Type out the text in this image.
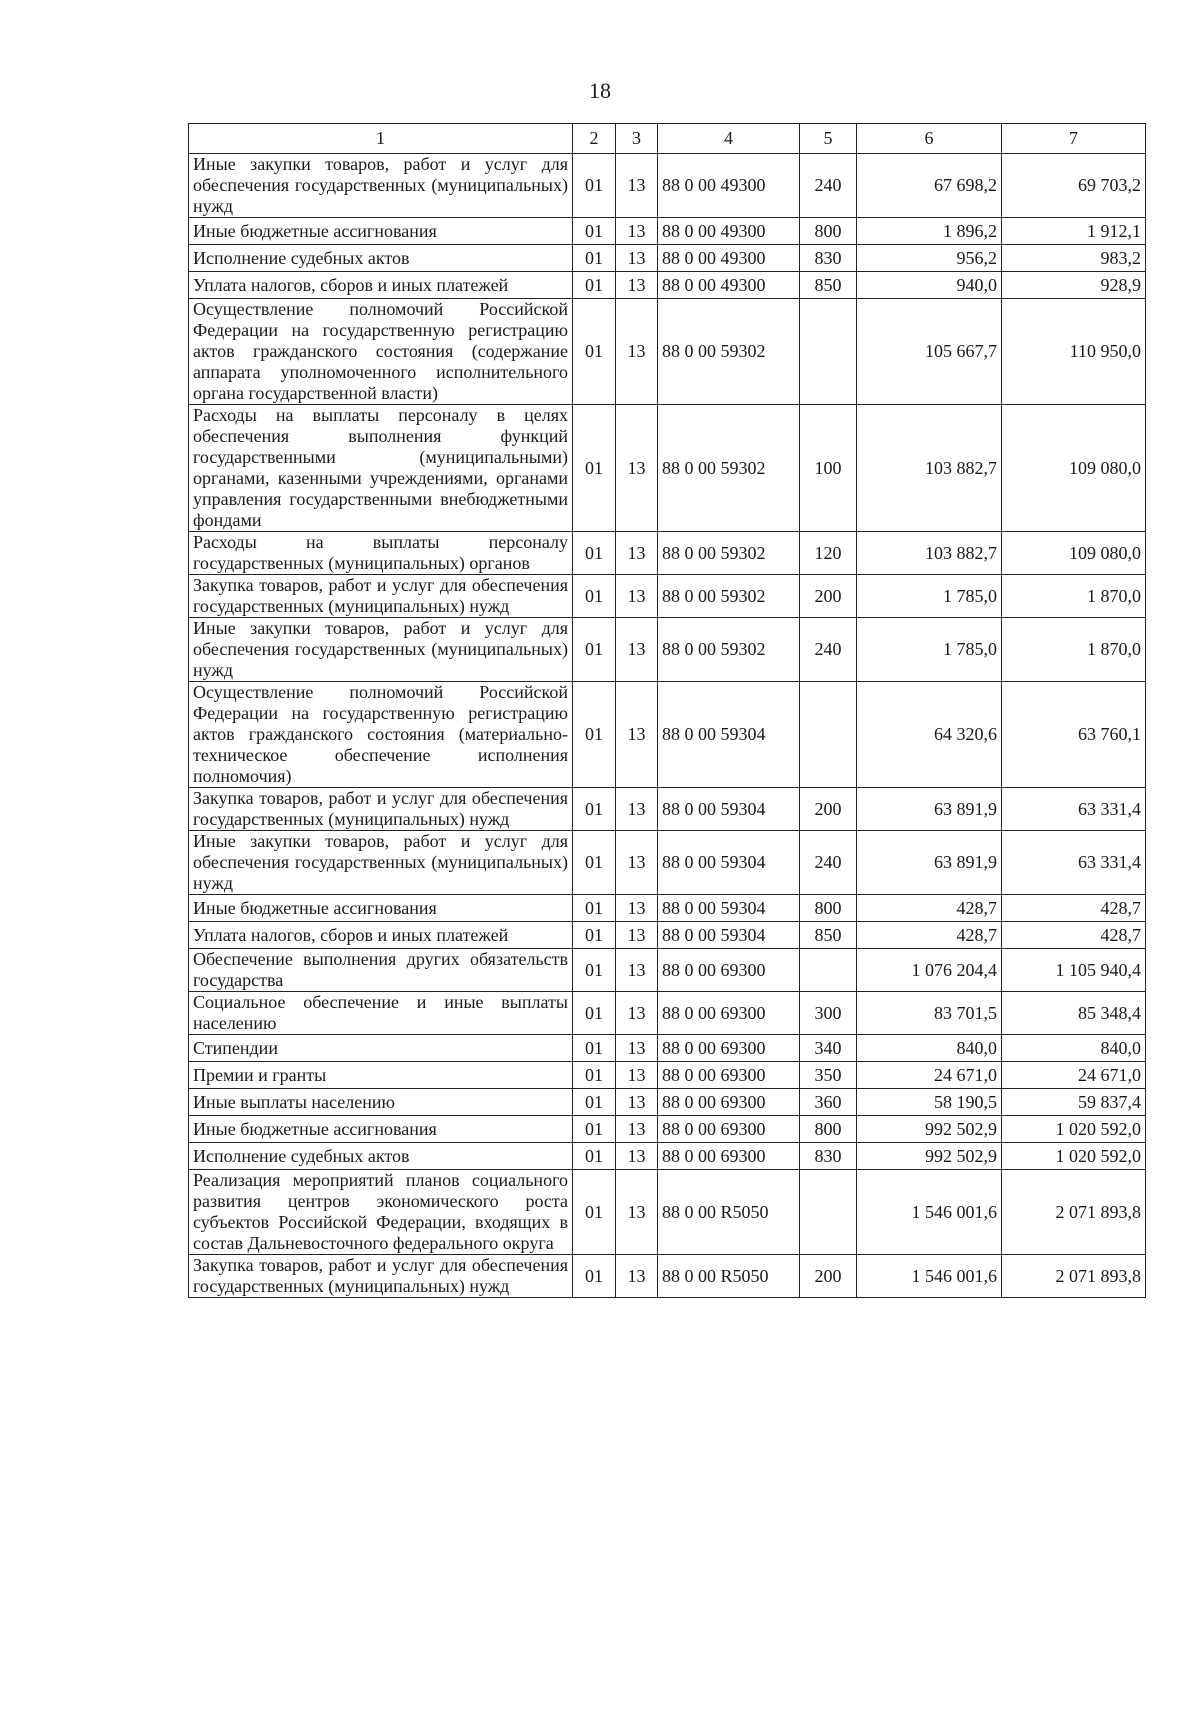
18
1	2	3	4	5	6	7
Иные закупки товаров, работ и услуг для обеспечения государственных (муниципальных) нужд	01	13	88 0 00 49300	240	67 698,2	69 703,2
Иные бюджетные ассигнования	01	13	88 0 00 49300	800	1 896,2	1 912,1
Исполнение судебных актов	01	13	88 0 00 49300	830	956,2	983,2
Уплата налогов, сборов и иных платежей	01	13	88 0 00 49300	850	940,0	928,9
Осуществление полномочий Российской Федерации на государственную регистрацию актов гражданского состояния (содержание аппарата уполномоченного исполнительного органа государственной власти)	01	13	88 0 00 59302		105 667,7	110 950,0
Расходы на выплаты персоналу в целях обеспечения выполнения функций государственными (муниципальными) органами, казенными учреждениями, органами управления государственными внебюджетными фондами	01	13	88 0 00 59302	100	103 882,7	109 080,0
Расходы на выплаты персоналу государственных (муниципальных) органов	01	13	88 0 00 59302	120	103 882,7	109 080,0
Закупка товаров, работ и услуг для обеспечения государственных (муниципальных) нужд	01	13	88 0 00 59302	200	1 785,0	1 870,0
Иные закупки товаров, работ и услуг для обеспечения государственных (муниципальных) нужд	01	13	88 0 00 59302	240	1 785,0	1 870,0
Осуществление полномочий Российской Федерации на государственную регистрацию актов гражданского состояния (материально-техническое обеспечение исполнения полномочия)	01	13	88 0 00 59304		64 320,6	63 760,1
Закупка товаров, работ и услуг для обеспечения государственных (муниципальных) нужд	01	13	88 0 00 59304	200	63 891,9	63 331,4
Иные закупки товаров, работ и услуг для обеспечения государственных (муниципальных) нужд	01	13	88 0 00 59304	240	63 891,9	63 331,4
Иные бюджетные ассигнования	01	13	88 0 00 59304	800	428,7	428,7
Уплата налогов, сборов и иных платежей	01	13	88 0 00 59304	850	428,7	428,7
Обеспечение выполнения других обязательств государства	01	13	88 0 00 69300		1 076 204,4	1 105 940,4
Социальное обеспечение и иные выплаты населению	01	13	88 0 00 69300	300	83 701,5	85 348,4
Стипендии	01	13	88 0 00 69300	340	840,0	840,0
Премии и гранты	01	13	88 0 00 69300	350	24 671,0	24 671,0
Иные выплаты населению	01	13	88 0 00 69300	360	58 190,5	59 837,4
Иные бюджетные ассигнования	01	13	88 0 00 69300	800	992 502,9	1 020 592,0
Исполнение судебных актов	01	13	88 0 00 69300	830	992 502,9	1 020 592,0
Реализация мероприятий планов социального развития центров экономического роста субъектов Российской Федерации, входящих в состав Дальневосточного федерального округа	01	13	88 0 00 R5050		1 546 001,6	2 071 893,8
Закупка товаров, работ и услуг для обеспечения государственных (муниципальных) нужд	01	13	88 0 00 R5050	200	1 546 001,6	2 071 893,8
